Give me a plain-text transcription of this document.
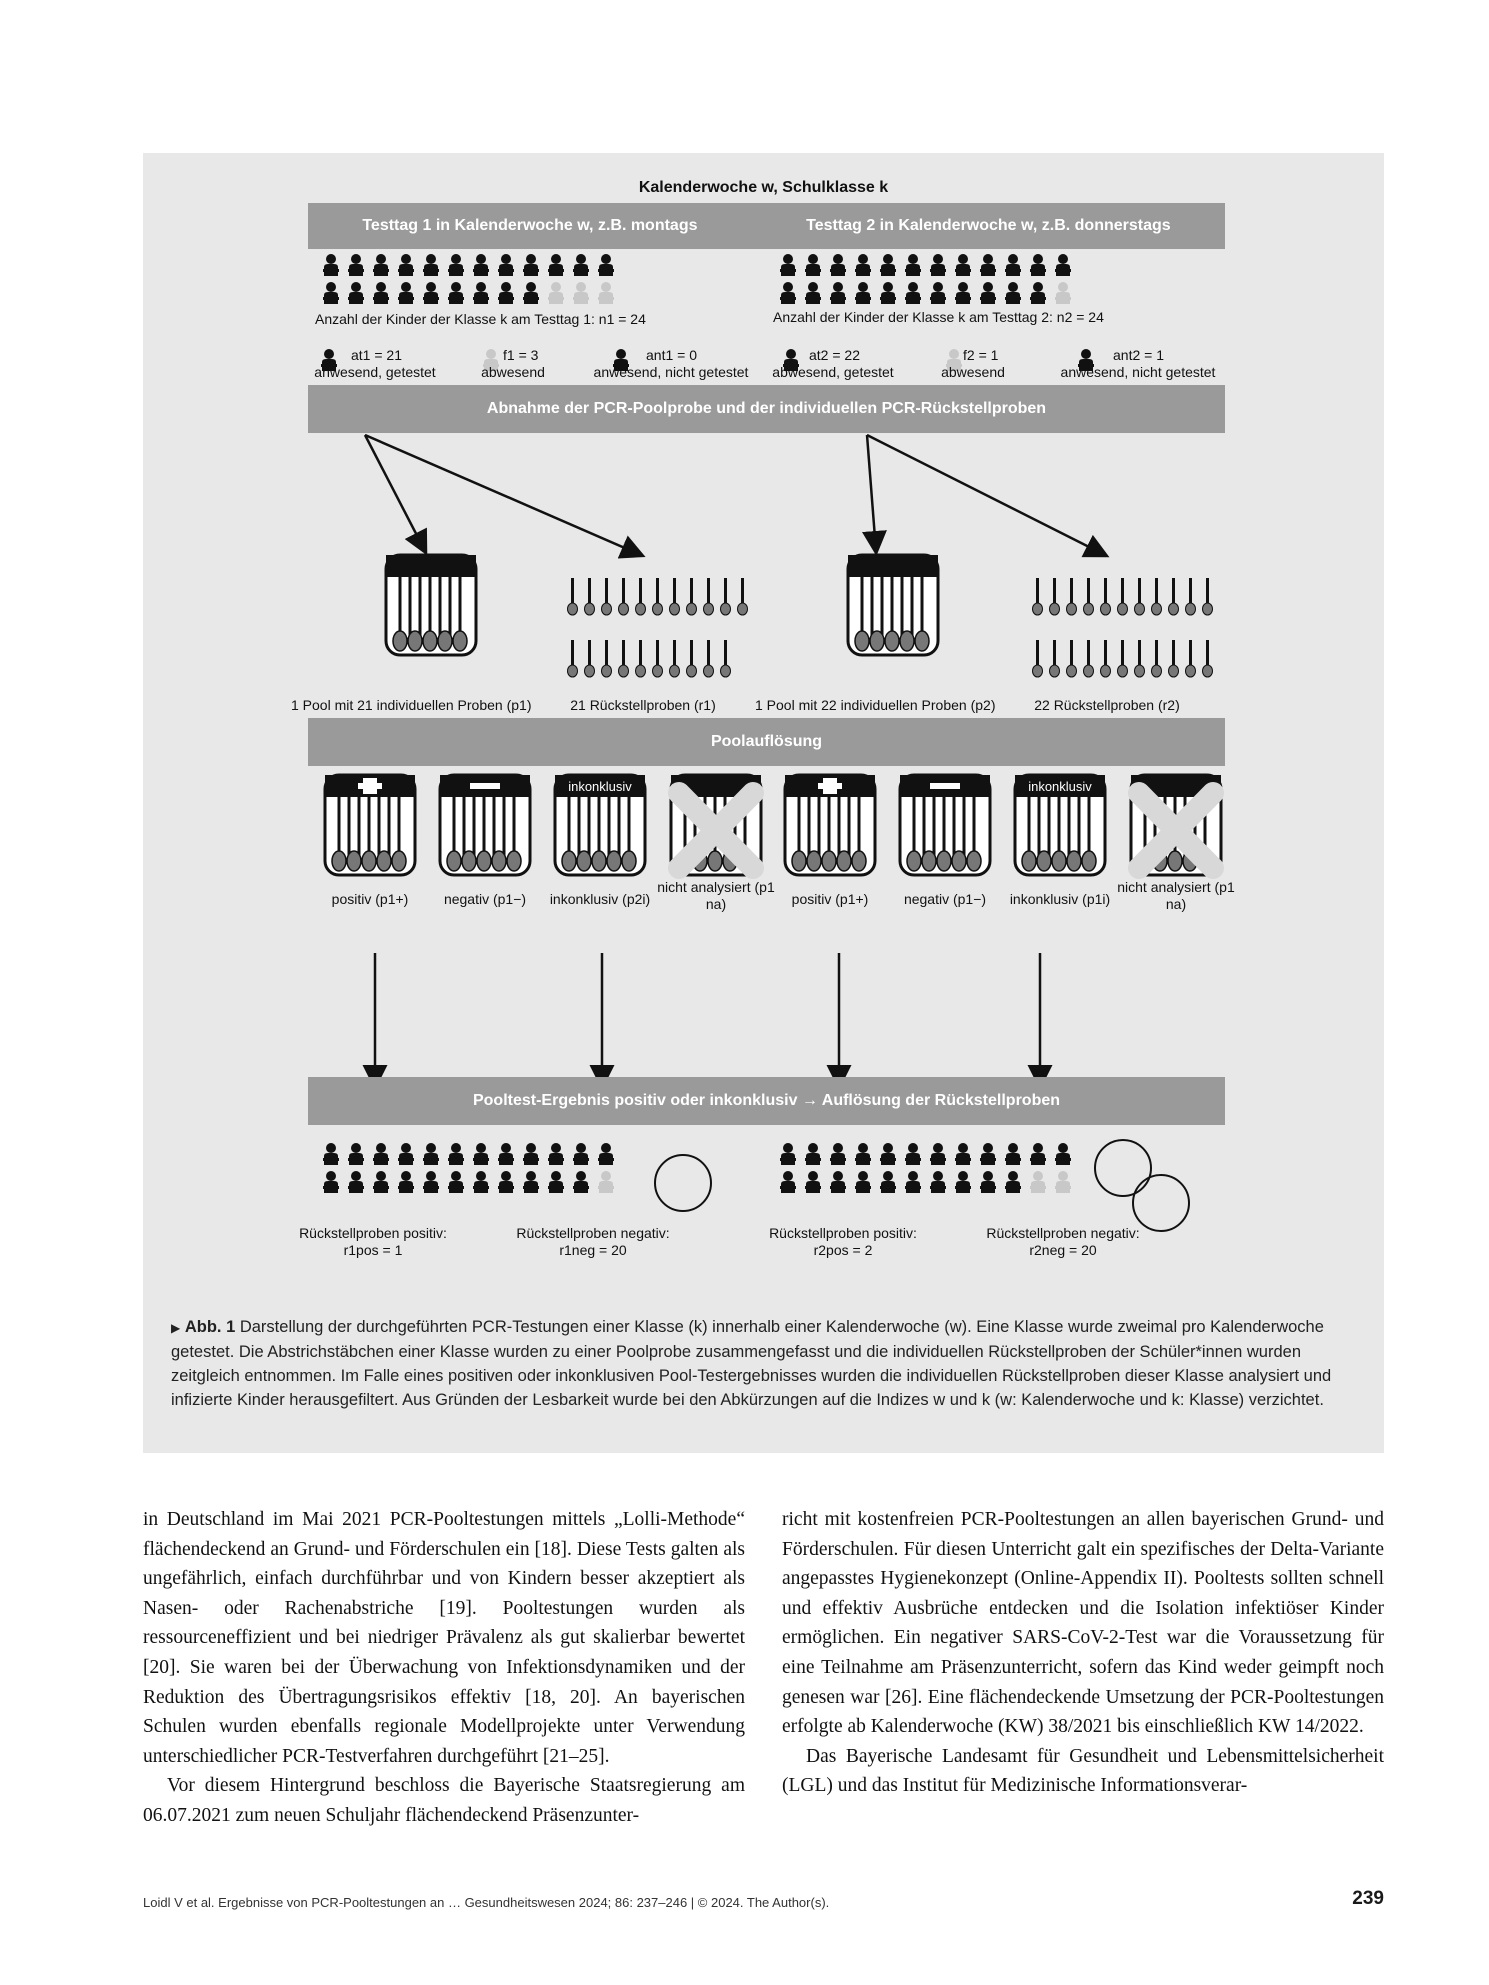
inkonklusiv	inkonklusiv
Kalenderwoche w, Schulklasse k
Testtag 1 in Kalenderwoche w, z.B. montags	Testtag 2 in Kalenderwoche w, z.B. donnerstags
Anzahl der Kinder der Klasse k am Testtag 1: n1 = 24	Anzahl der Kinder der Klasse k am Testtag 2: n2 = 24
at1 = 21
anwesend, getestet
f1 = 3
abwesend
ant1 = 0
anwesend, nicht getestet
at2 = 22
abwesend, getestet
f2 = 1
abwesend
ant2 = 1
anwesend, nicht getestet
Abnahme der PCR-Poolprobe und der individuellen PCR-Rückstellproben
1 Pool mit 21 individuellen Proben (p1)	21 Rückstellproben (r1)	1 Pool mit 22 individuellen Proben (p2)	22 Rückstellproben (r2)
Poolauflösung
positiv (p1+)	negativ (p1−)	inkonklusiv (p2i)
nicht analysiert (p1 na)	positiv (p1+)	negativ (p1−)	inkonklusiv (p1i)
nicht analysiert (p1 na)
Pooltest-Ergebnis positiv oder inkonklusiv → Auflösung der Rückstellproben
Rückstellproben positiv:
r1pos = 1
Rückstellproben negativ:
r1neg = 20
Rückstellproben positiv:
r2pos = 2
Rückstellproben negativ:
r2neg = 20
▶ Abb. 1 Darstellung der durchgeführten PCR-Testungen einer Klasse (k) innerhalb einer Kalenderwoche (w). Eine Klasse wurde zweimal pro Kalenderwoche getestet. Die Abstrichstäbchen einer Klasse wurden zu einer Poolprobe zusammengefasst und die individuellen Rückstellproben der Schüler*innen wurden zeitgleich entnommen. Im Falle eines positiven oder inkonklusiven Pool-Testergebnisses wurden die individuellen Rückstellproben dieser Klasse analysiert und infizierte Kinder herausgefiltert. Aus Gründen der Lesbarkeit wurde bei den Abkürzungen auf die Indizes w und k (w: Kalenderwoche und k: Klasse) verzichtet.

in Deutschland im Mai 2021 PCR-Pooltestungen mittels „Lolli-Methode“ flächendeckend an Grund- und Förderschulen ein [18]. Diese Tests galten als ungefährlich, einfach durchführbar und von Kindern besser akzeptiert als Nasen- oder Rachenabstriche [19]. Pooltestungen wurden als ressourceneffizient und bei niedriger Prävalenz als gut skalierbar bewertet [20]. Sie waren bei der Überwachung von Infektionsdynamiken und der Reduktion des Übertragungsrisikos effektiv [18, 20]. An bayerischen Schulen wurden ebenfalls regionale Modellprojekte unter Verwendung unterschiedlicher PCR-Testverfahren durchgeführt [21–25].

Vor diesem Hintergrund beschloss die Bayerische Staatsregierung am 06.07.2021 zum neuen Schuljahr flächendeckend Präsenzunter-

richt mit kostenfreien PCR-Pooltestungen an allen bayerischen Grund- und Förderschulen. Für diesen Unterricht galt ein spezifisches der Delta-Variante angepasstes Hygienekonzept (Online-Appendix II). Pooltests sollten schnell und effektiv Ausbrüche entdecken und die Isolation infektiöser Kinder ermöglichen. Ein negativer SARS-CoV-2-Test war die Voraussetzung für eine Teilnahme am Präsenzunterricht, sofern das Kind weder geimpft noch genesen war [26]. Eine flächendeckende Umsetzung der PCR-Pooltestungen erfolgte ab Kalenderwoche (KW) 38/2021 bis einschließlich KW 14/2022.

Das Bayerische Landesamt für Gesundheit und Lebensmittelsicherheit (LGL) und das Institut für Medizinische Informationsverar-

Loidl V et al. Ergebnisse von PCR-Pooltestungen an … Gesundheitswesen 2024; 86: 237–246 | © 2024. The Author(s).	239
